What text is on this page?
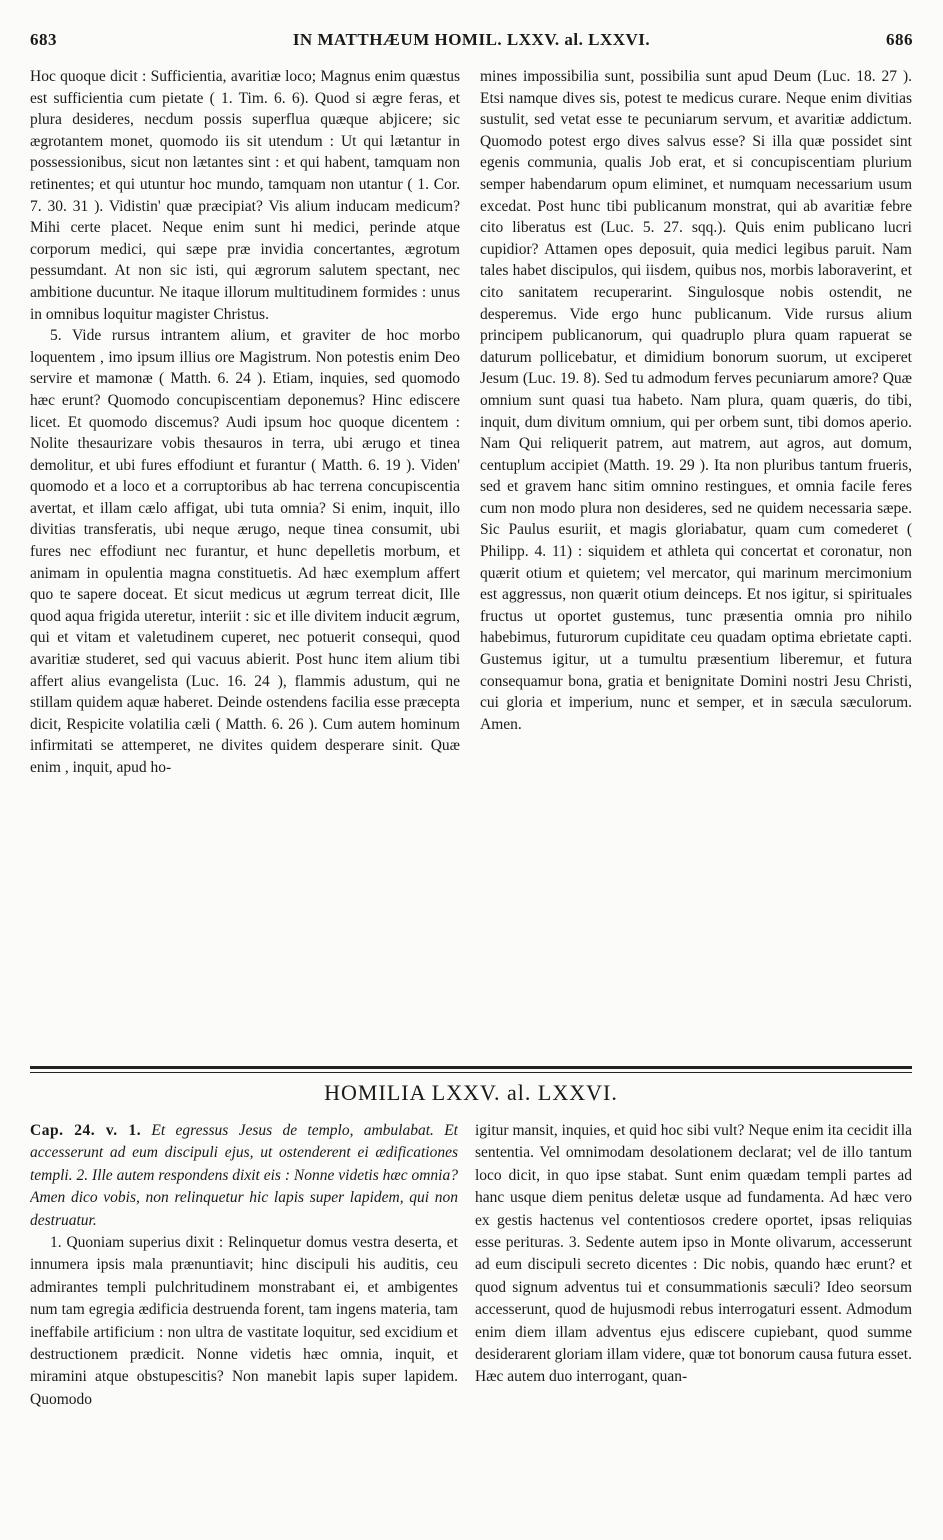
683	IN MATTHÆUM HOMIL. LXXV. al. LXXVI.	686

Hoc quoque dicit : Sufficientia, avaritiæ loco; Magnus enim quæstus est sufficientia cum pietate ( 1. Tim. 6. 6). Quod si ægre feras, et plura desideres, necdum possis superflua quæque abjicere; sic ægrotantem monet, quomodo iis sit utendum : Ut qui lætantur in possessionibus, sicut non lætantes sint : et qui habent, tamquam non retinentes; et qui utuntur hoc mundo, tamquam non utantur ( 1. Cor. 7. 30. 31 ). Vidistin' quæ præcipiat? Vis alium inducam medicum? Mihi certe placet. Neque enim sunt hi medici, perinde atque corporum medici, qui sæpe præ invidia concertantes, ægrotum pessumdant. At non sic isti, qui ægrorum salutem spectant, nec ambitione ducuntur. Ne itaque illorum multitudinem formides : unus in omnibus loquitur magister Christus.

5. Vide rursus intrantem alium, et graviter de hoc morbo loquentem , imo ipsum illius ore Magistrum. Non potestis enim Deo servire et mamonæ ( Matth. 6. 24 ). Etiam, inquies, sed quomodo hæc erunt? Quomodo concupiscentiam deponemus? Hinc ediscere licet. Et quomodo discemus? Audi ipsum hoc quoque dicentem : Nolite thesaurizare vobis thesauros in terra, ubi ærugo et tinea demolitur, et ubi fures effodiunt et furantur ( Matth. 6. 19 ). Viden' quomodo et a loco et a corruptoribus ab hac terrena concupiscentia avertat, et illam cælo affigat, ubi tuta omnia? Si enim, inquit, illo divitias transferatis, ubi neque ærugo, neque tinea consumit, ubi fures nec effodiunt nec furantur, et hunc depelletis morbum, et animam in opulentia magna constituetis. Ad hæc exemplum affert quo te sapere doceat. Et sicut medicus ut ægrum terreat dicit, Ille quod aqua frigida uteretur, interiit : sic et ille divitem inducit ægrum, qui et vitam et valetudinem cuperet, nec potuerit consequi, quod avaritiæ studeret, sed qui vacuus abierit. Post hunc item alium tibi affert alius evangelista (Luc. 16. 24 ), flammis adustum, qui ne stillam quidem aquæ haberet. Deinde ostendens facilia esse præcepta dicit, Respicite volatilia cæli ( Matth. 6. 26 ). Cum autem hominum infirmitati se attemperet, ne divites quidem desperare sinit. Quæ enim , inquit, apud ho-

mines impossibilia sunt, possibilia sunt apud Deum (Luc. 18. 27 ). Etsi namque dives sis, potest te medicus curare. Neque enim divitias sustulit, sed vetat esse te pecuniarum servum, et avaritiæ addictum. Quomodo potest ergo dives salvus esse? Si illa quæ possidet sint egenis communia, qualis Job erat, et si concupiscentiam plurium semper habendarum opum eliminet, et numquam necessarium usum excedat. Post hunc tibi publicanum monstrat, qui ab avaritiæ febre cito liberatus est (Luc. 5. 27. sqq.). Quis enim publicano lucri cupidior? Attamen opes deposuit, quia medici legibus paruit. Nam tales habet discipulos, qui iisdem, quibus nos, morbis laboraverint, et cito sanitatem recuperarint. Singulosque nobis ostendit, ne desperemus. Vide ergo hunc publicanum. Vide rursus alium principem publicanorum, qui quadruplo plura quam rapuerat se daturum pollicebatur, et dimidium bonorum suorum, ut exciperet Jesum (Luc. 19. 8). Sed tu admodum ferves pecuniarum amore? Quæ omnium sunt quasi tua habeto. Nam plura, quam quæris, do tibi, inquit, dum divitum omnium, qui per orbem sunt, tibi domos aperio. Nam Qui reliquerit patrem, aut matrem, aut agros, aut domum, centuplum accipiet (Matth. 19. 29 ). Ita non pluribus tantum frueris, sed et gravem hanc sitim omnino restingues, et omnia facile feres cum non modo plura non desideres, sed ne quidem necessaria sæpe. Sic Paulus esuriit, et magis gloriabatur, quam cum comederet ( Philipp. 4. 11) : siquidem et athleta qui concertat et coronatur, non quærit otium et quietem; vel mercator, qui marinum mercimonium est aggressus, non quærit otium deinceps. Et nos igitur, si spirituales fructus ut oportet gustemus, tunc præsentia omnia pro nihilo habebimus, futurorum cupiditate ceu quadam optima ebrietate capti. Gustemus igitur, ut a tumultu præsentium liberemur, et futura consequamur bona, gratia et benignitate Domini nostri Jesu Christi, cui gloria et imperium, nunc et semper, et in sæcula sæculorum. Amen.

HOMILIA LXXV. al. LXXVI.

Cap. 24. v. 1. Et egressus Jesus de templo, ambulabat. Et accesserunt ad eum discipuli ejus, ut ostenderent ei ædificationes templi. 2. Ille autem respondens dixit eis : Nonne videtis hæc omnia? Amen dico vobis, non relinquetur hic lapis super lapidem, qui non destruatur.

1. Quoniam superius dixit : Relinquetur domus vestra deserta, et innumera ipsis mala prænuntiavit; hinc discipuli his auditis, ceu admirantes templi pulchritudinem monstrabant ei, et ambigentes num tam egregia ædificia destruenda forent, tam ingens materia, tam ineffabile artificium : non ultra de vastitate loquitur, sed excidium et destructionem prædicit. Nonne videtis hæc omnia, inquit, et miramini atque obstupescitis? Non manebit lapis super lapidem. Quomodo

igitur mansit, inquies, et quid hoc sibi vult? Neque enim ita cecidit illa sententia. Vel omnimodam desolationem declarat; vel de illo tantum loco dicit, in quo ipse stabat. Sunt enim quædam templi partes ad hanc usque diem penitus deletæ usque ad fundamenta. Ad hæc vero ex gestis hactenus vel contentiosos credere oportet, ipsas reliquias esse perituras. 3. Sedente autem ipso in Monte olivarum, accesserunt ad eum discipuli secreto dicentes : Dic nobis, quando hæc erunt? et quod signum adventus tui et consummationis sæculi? Ideo seorsum accesserunt, quod de hujusmodi rebus interrogaturi essent. Admodum enim diem illam adventus ejus ediscere cupiebant, quod summe desiderarent gloriam illam videre, quæ tot bonorum causa futura esset. Hæc autem duo interrogant, quan-
